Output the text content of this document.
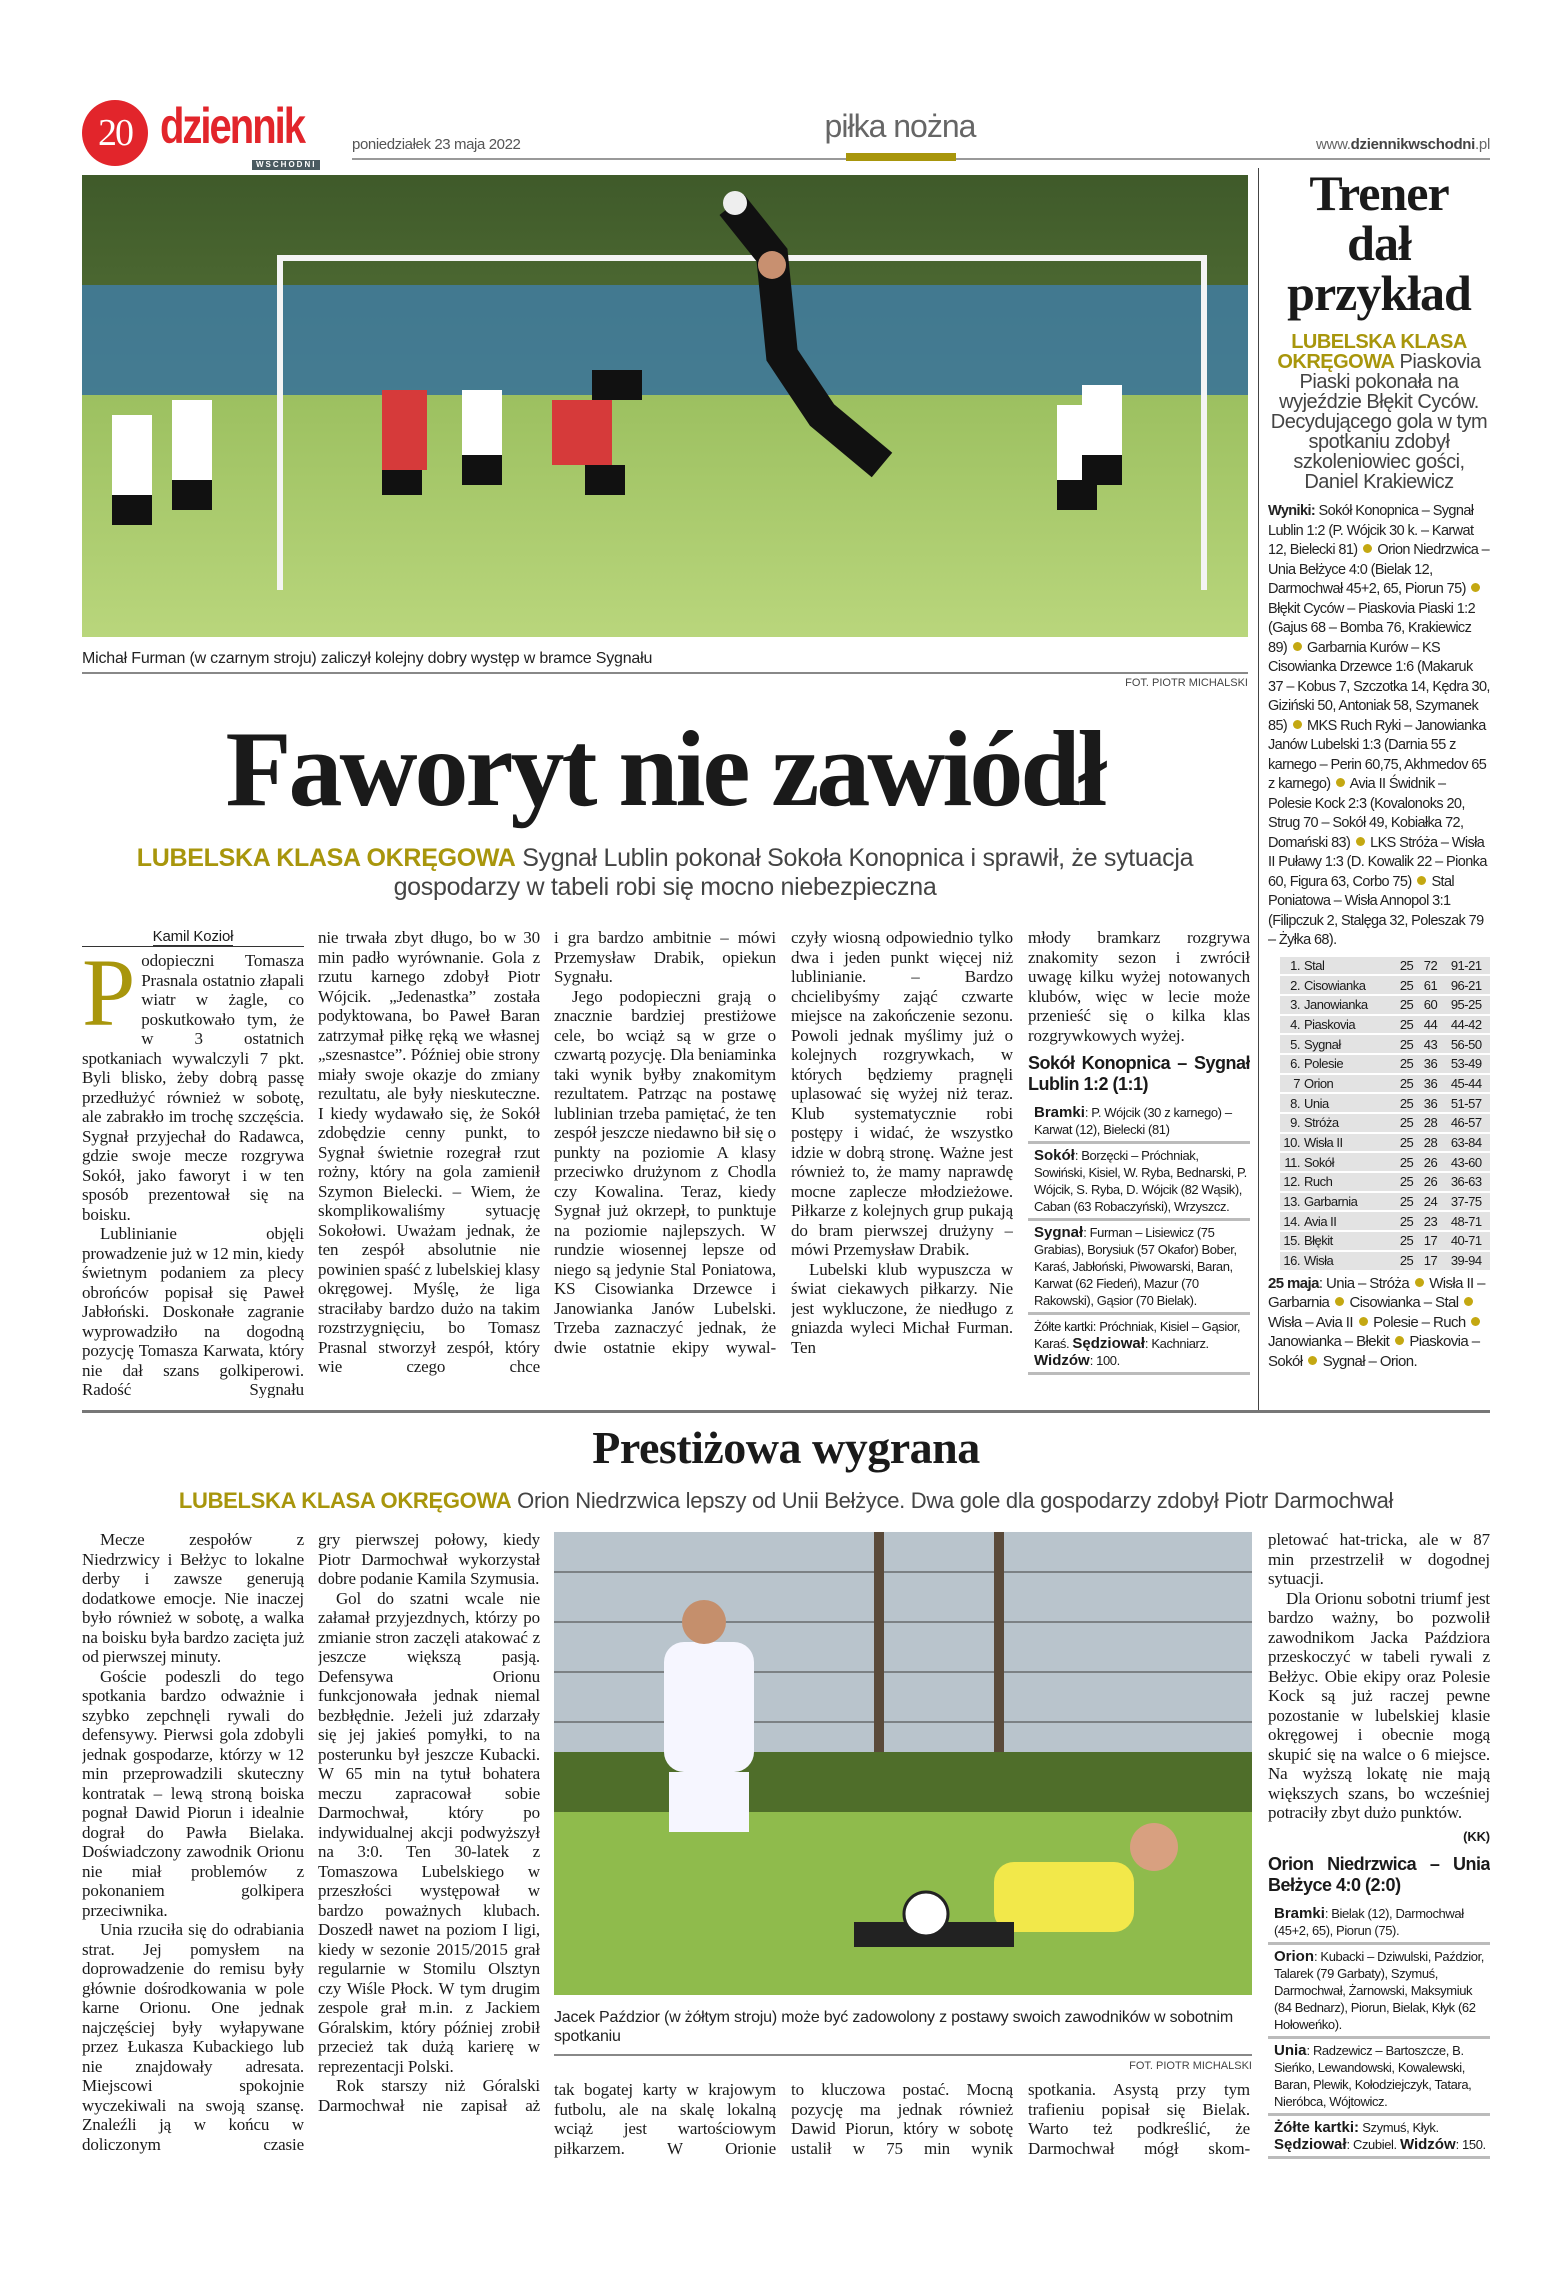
20 dziennik
WSCHODNI
poniedziałek 23 maja 2022
piłka nożna
www.dziennikwschodni.pl
Michał Furman (w czarnym stroju) zaliczył kolejny dobry występ w bramce Sygnału
FOT. PIOTR MICHALSKI
Faworyt nie zawiódł
LUBELSKA KLASA OKRĘGOWA Sygnał Lublin pokonał Sokoła Konopnica i sprawił, że sytuacja gospodarzy w tabeli robi się mocno niebezpieczna
Kamil Kozioł

Podopieczni Tomasza Prasnala ostatnio złapali wiatr w żagle, co poskutkowało tym, że w 3 ostatnich spotkaniach wywalczyli 7 pkt. Byli blisko, żeby dobrą passę przedłużyć również w sobotę, ale zabrakło im trochę szczęścia. Sygnał przyjechał do Radawca, gdzie swoje mecze rozgrywa Sokół, jako faworyt i w ten sposób prezentował się na boisku.

Lublinianie objęli prowadzenie już w 12 min, kiedy świetnym podaniem za plecy obrońców popisał się Paweł Jabłoński. Doskonałe zagranie wyprowadziło na dogodną pozycję Tomasza Karwata, który nie dał szans golkiperowi. Radość Sygnału

nie trwała zbyt długo, bo w 30 min padło wyrównanie. Gola z rzutu karnego zdobył Piotr Wójcik. „Jedenastka” została podyktowana, bo Paweł Baran zatrzymał piłkę ręką we własnej „szesnastce”. Później obie strony miały swoje okazje do zmiany rezultatu, ale były nieskuteczne. I kiedy wydawało się, że Sokół zdobędzie cenny punkt, to Sygnał świetnie rozegrał rzut rożny, który na gola zamienił Szymon Bielecki. – Wiem, że skomplikowaliśmy sytuację Sokołowi. Uważam jednak, że ten zespół absolutnie nie powinien spaść z lubelskiej klasy okręgowej. Myślę, że liga straciłaby bardzo dużo na takim rozstrzygnięciu, bo Tomasz Prasnal stworzył zespół, który wie czego chce

i gra bardzo ambitnie – mówi Przemysław Drabik, opiekun Sygnału.

Jego podopieczni grają o znacznie bardziej prestiżowe cele, bo wciąż są w grze o czwartą pozycję. Dla beniaminka taki wynik byłby znakomitym rezultatem. Patrząc na postawę lublinian trzeba pamiętać, że ten zespół jeszcze niedawno bił się o punkty na poziomie A klasy przeciwko drużynom z Chodla czy Kowalina. Teraz, kiedy Sygnał już okrzepł, to punktuje na poziomie najlepszych. W rundzie wiosennej lepsze od niego są jedynie Stal Poniatowa, KS Cisowianka Drzewce i Janowianka Janów Lubelski. Trzeba zaznaczyć jednak, że dwie ostatnie ekipy wywal-

czyły wiosną odpowiednio tylko dwa i jeden punkt więcej niż lublinianie. – Bardzo chcielibyśmy zająć czwarte miejsce na zakończenie sezonu. Powoli jednak myślimy już o kolejnych rozgrywkach, w których będziemy pragnęli uplasować się wyżej niż teraz. Klub systematycznie robi postępy i widać, że wszystko idzie w dobrą stronę. Ważne jest również to, że mamy naprawdę mocne zaplecze młodzieżowe. Piłkarze z kolejnych grup pukają do bram pierwszej drużyny – mówi Przemysław Drabik.

Lubelski klub wypuszcza w świat ciekawych piłkarzy. Nie jest wykluczone, że niedługo z gniazda wyleci Michał Furman. Ten

młody bramkarz rozgrywa znakomity sezon i zwrócił uwagę kilku wyżej notowanych klubów, więc w lecie może przenieść się o kilka klas rozgrywkowych wyżej.

Sokół Konopnica – Sygnał Lublin 1:2 (1:1)
Bramki: P. Wójcik (30 z karnego) – Karwat (12), Bielecki (81)
Sokół: Borzęcki – Próchniak, Sowiński, Kisiel, W. Ryba, Bednarski, P. Wójcik, S. Ryba, D. Wójcik (82 Wąsik), Caban (63 Robaczyński), Wrzyszcz.
Sygnał: Furman – Lisiewicz (75 Grabias), Borysiuk (57 Okafor) Bober, Karaś, Jabłoński, Piwowarski, Baran, Karwat (62 Fiedeń), Mazur (70 Rakowski), Gąsior (70 Bielak).
Żółte kartki: Próchniak, Kisiel – Gąsior, Karaś. Sędziował: Kachniarz. Widzów: 100.
Trener
dał
przykład
LUBELSKA KLASA OKRĘGOWA Piaskovia Piaski pokonała na wyjeździe Błękit Cyców. Decydującego gola w tym spotkaniu zdobył szkoleniowiec gości, Daniel Krakiewicz
Wyniki: Sokół Konopnica – Sygnał Lublin 1:2 (P. Wójcik 30 k. – Karwat 12, Bielecki 81) Orion Niedrzwica – Unia Bełżyce 4:0 (Bielak 12, Darmochwał 45+2, 65, Piorun 75)  Błękit Cyców – Piaskovia Piaski 1:2 (Gajus 68 – Bomba 76, Krakiewicz 89) Garbarnia Kurów – KS Cisowianka Drzewce 1:6 (Makaruk 37 – Kobus 7, Szczotka 14, Kędra 30, Giziński 50, Antoniak 58, Szymanek 85) MKS Ruch Ryki – Janowianka Janów Lubelski 1:3 (Darnia 55 z karnego – Perin 60,75, Akhmedov 65 z karnego) Avia II Świdnik – Polesie Kock 2:3 (Kovalonoks 20, Strug 70 – Sokół 49, Kobiałka 72, Domański 83) LKS Stróża – Wisła II Puławy 1:3 (D. Kowalik 22 – Pionka 60, Figura 63, Corbo 75) Stal Poniatowa – Wisła Annopol 3:1 (Filipczuk 2, Stalęga 32, Poleszak 79 – Żyłka 68).
1.	Stal	25	72	91-21
2.	Cisowianka	25	61	96-21
3.	Janowianka	25	60	95-25
4.	Piaskovia	25	44	44-42
5.	Sygnał	25	43	56-50
6.	Polesie	25	36	53-49
7	Orion	25	36	45-44
8.	Unia	25	36	51-57
9.	Stróża	25	28	46-57
10.	Wisła II	25	28	63-84
11.	Sokół	25	26	43-60
12.	Ruch	25	26	36-63
13.	Garbarnia	25	24	37-75
14.	Avia II	25	23	48-71
15.	Błękit	25	17	40-71
16.	Wisła	25	17	39-94
25 maja: Unia – Stróża Wisła II – Garbarnia Cisowianka – Stal  Wisła – Avia II Polesie – Ruch  Janowianka – Błekit Piaskovia – Sokół Sygnał – Orion.
Prestiżowa wygrana
LUBELSKA KLASA OKRĘGOWA Orion Niedrzwica lepszy od Unii Bełżyce. Dwa gole dla gospodarzy zdobył Piotr Darmochwał

Mecze zespołów z Niedrzwicy i Bełżyc to lokalne derby i zawsze generują dodatkowe emocje. Nie inaczej było również w sobotę, a walka na boisku była bardzo zacięta już od pierwszej minuty.

Goście podeszli do tego spotkania bardzo odważnie i szybko zepchnęli rywali do defensywy. Pierwsi gola zdobyli jednak gospodarze, którzy w 12 min przeprowadzili skuteczny kontratak – lewą stroną boiska pognał Dawid Piorun i idealnie dograł do Pawła Bielaka. Doświadczony zawodnik Orionu nie miał problemów z pokonaniem golkipera przeciwnika.

Unia rzuciła się do odrabiania strat. Jej pomysłem na doprowadzenie do remisu były głównie dośrodkowania w pole karne Orionu. One jednak najczęściej były wyłapywane przez Łukasza Kubackiego lub nie znajdowały adresata. Miejscowi spokojnie wyczekiwali na swoją szansę. Znaleźli ją w końcu w doliczonym czasie

gry pierwszej połowy, kiedy Piotr Darmochwał wykorzystał dobre podanie Kamila Szymusia.

Gol do szatni wcale nie załamał przyjezdnych, którzy po zmianie stron zaczęli atakować z jeszcze większą pasją. Defensywa Orionu funkcjonowała jednak niemal bezbłędnie. Jeżeli już zdarzały się jej jakieś pomyłki, to na posterunku był jeszcze Kubacki. W 65 min na tytuł bohatera meczu zapracował sobie Darmochwał, który po indywidualnej akcji podwyższył na 3:0. Ten 30-latek z Tomaszowa Lubelskiego w przeszłości występował w bardzo poważnych klubach. Doszedł nawet na poziom I ligi, kiedy w sezonie 2015/2015 grał regularnie w Stomilu Olsztyn czy Wiśle Płock. W tym drugim zespole grał m.in. z Jackiem Góralskim, który później zrobił przecież tak dużą karierę w reprezentacji Polski.

Rok starszy niż Góralski Darmochwał nie zapisał aż

Jacek Paździor (w żółtym stroju) może być zadowolony z postawy swoich zawodników w sobotnim spotkaniu
FOT. PIOTR MICHALSKI

tak bogatej karty w krajowym futbolu, ale na skalę lokalną wciąż jest wartościowym piłkarzem. W Orionie

to kluczowa postać. Mocną pozycję ma jednak również Dawid Piorun, który w sobotę ustalił w 75 min wynik

spotkania. Asystą przy tym trafieniu popisał się Bielak. Warto też podkreślić, że Darmochwał mógł skom-

pletować hat-tricka, ale w 87 min przestrzelił w dogodnej sytuacji.

Dla Orionu sobotni triumf jest bardzo ważny, bo pozwolił zawodnikom Jacka Paździora przeskoczyć w tabeli rywali z Bełżyc. Obie ekipy oraz Polesie Kock są już raczej pewne pozostanie w lubelskiej klasie okręgowej i obecnie mogą skupić się na walce o 6 miejsce. Na wyższą lokatę nie mają większych szans, bo wcześniej potraciły zbyt dużo punktów.

(KK)
Orion Niedrzwica – Unia Bełżyce 4:0 (2:0)
Bramki: Bielak (12), Darmochwał (45+2, 65), Piorun (75).
Orion: Kubacki – Dziwulski, Paździor, Talarek (79 Garbaty), Szymuś, Darmochwał, Żarnowski, Maksymiuk (84 Bednarz), Piorun, Bielak, Kłyk (62 Hołoweńko).
Unia: Radzewicz – Bartoszcze, B. Sieńko, Lewandowski, Kowalewski, Baran, Plewik, Kołodziejczyk, Tatara, Nieróbca, Wójtowicz.
Żółte kartki: Szymuś, Kłyk. Sędziował: Czubiel. Widzów: 150.
